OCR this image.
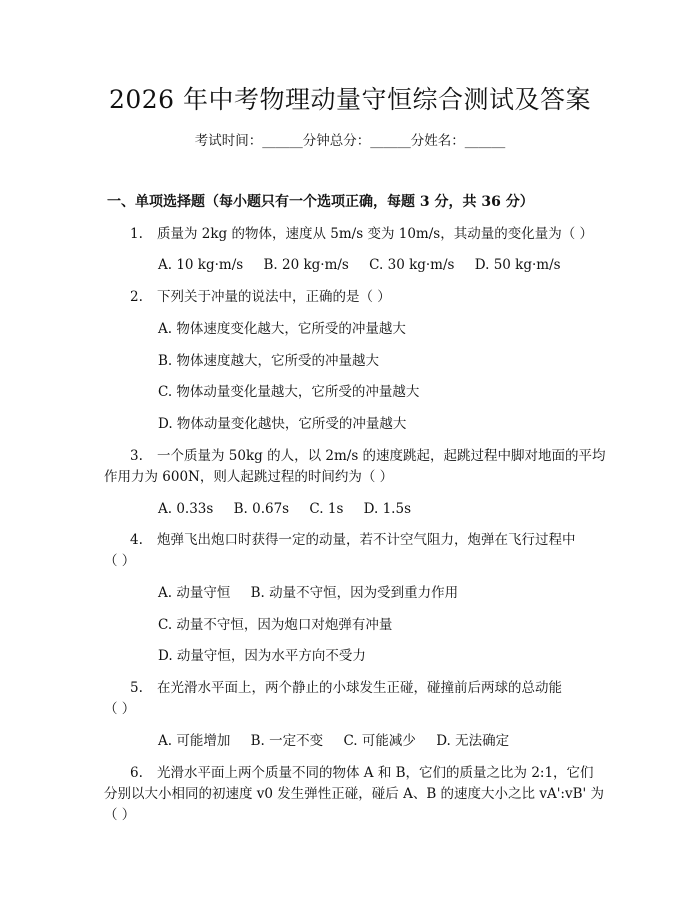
2026 年中考物理动量守恒综合测试及答案
考试时间：______分钟总分：______分姓名：______
一、单项选择题（每小题只有一个选项正确，每题 3 分，共 36 分）
1. 质量为 2kg 的物体，速度从 5m/s 变为 10m/s，其动量的变化量为（ ）
A. 10 kg·m/s B. 20 kg·m/s C. 30 kg·m/s D. 50 kg·m/s
2. 下列关于冲量的说法中，正确的是（ ）
A. 物体速度变化越大，它所受的冲量越大
B. 物体速度越大，它所受的冲量越大
C. 物体动量变化量越大，它所受的冲量越大
D. 物体动量变化越快，它所受的冲量越大
3. 一个质量为 50kg 的人，以 2m/s 的速度跳起，起跳过程中脚对地面的平均
作用力为 600N，则人起跳过程的时间约为（ ）
A. 0.33s B. 0.67s C. 1s D. 1.5s
4. 炮弹飞出炮口时获得一定的动量，若不计空气阻力，炮弹在飞行过程中
（ ）
A. 动量守恒 B. 动量不守恒，因为受到重力作用
C. 动量不守恒，因为炮口对炮弹有冲量
D. 动量守恒，因为水平方向不受力
5. 在光滑水平面上，两个静止的小球发生正碰，碰撞前后两球的总动能
（ ）
A. 可能增加 B. 一定不变 C. 可能减少 D. 无法确定
6. 光滑水平面上两个质量不同的物体 A 和 B，它们的质量之比为 2:1，它们
分别以大小相同的初速度 v0 发生弹性正碰，碰后 A、B 的速度大小之比 vA':vB' 为
（ ）
